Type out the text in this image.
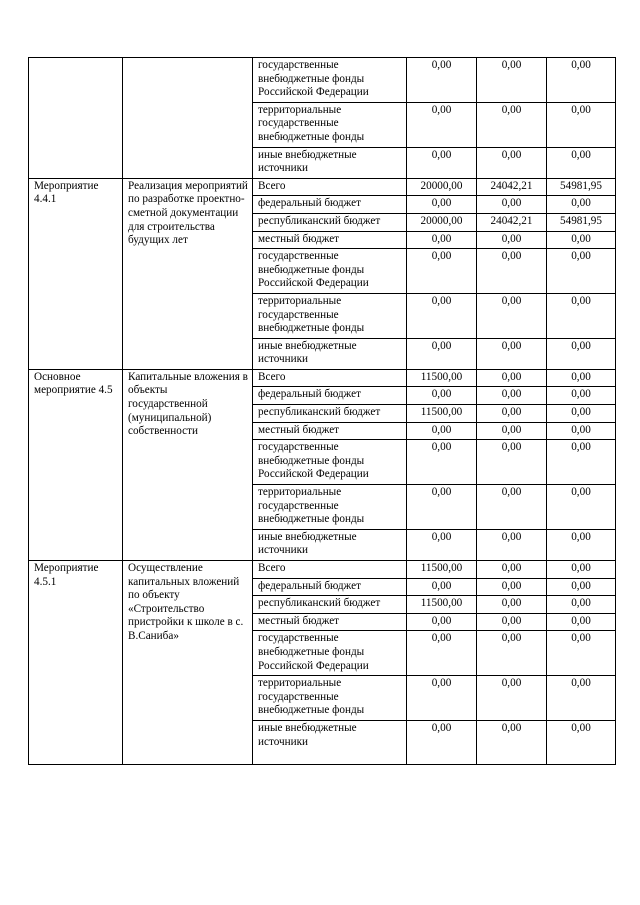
		государственные внебюджетные фонды Российской Федерации	0,00	0,00	0,00
		территориальные государственные внебюджетные фонды	0,00	0,00	0,00
		иные внебюджетные источники	0,00	0,00	0,00
Мероприятие 4.4.1	Реализация мероприятий по разработке проектно-сметной документации для строительства будущих лет	Всего	20000,00	24042,21	54981,95
		федеральный бюджет	0,00	0,00	0,00
		республиканский бюджет	20000,00	24042,21	54981,95
		местный бюджет	0,00	0,00	0,00
		государственные внебюджетные фонды Российской Федерации	0,00	0,00	0,00
		территориальные государственные внебюджетные фонды	0,00	0,00	0,00
		иные внебюджетные источники	0,00	0,00	0,00
Основное мероприятие 4.5	Капитальные вложения в объекты государственной (муниципальной) собственности	Всего	11500,00	0,00	0,00
		федеральный бюджет	0,00	0,00	0,00
		республиканский бюджет	11500,00	0,00	0,00
		местный бюджет	0,00	0,00	0,00
		государственные внебюджетные фонды Российской Федерации	0,00	0,00	0,00
		территориальные государственные внебюджетные фонды	0,00	0,00	0,00
		иные внебюджетные источники	0,00	0,00	0,00
Мероприятие 4.5.1	Осуществление капитальных вложений по объекту «Строительство пристройки к школе в с. В.Саниба»	Всего	11500,00	0,00	0,00
		федеральный бюджет	0,00	0,00	0,00
		республиканский бюджет	11500,00	0,00	0,00
		местный бюджет	0,00	0,00	0,00
		государственные внебюджетные фонды Российской Федерации	0,00	0,00	0,00
		территориальные государственные внебюджетные фонды	0,00	0,00	0,00
		иные внебюджетные источники	0,00	0,00	0,00
